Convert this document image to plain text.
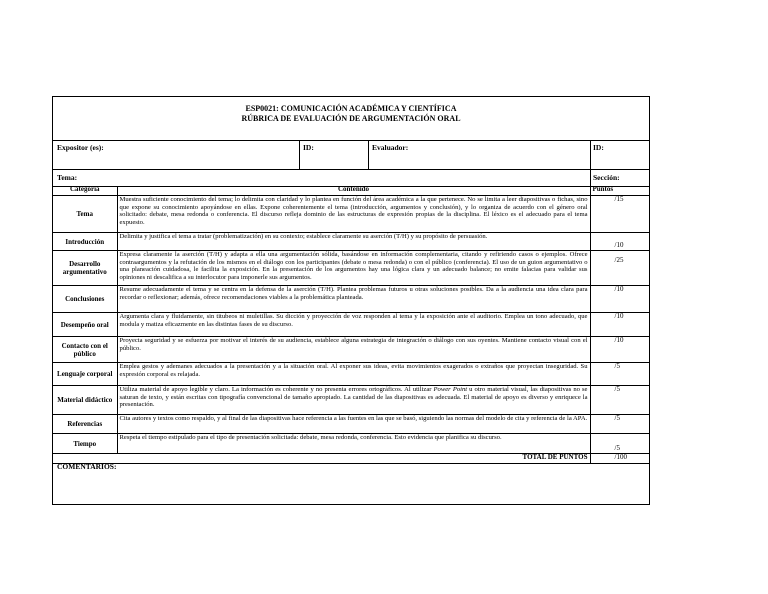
ESP0021: COMUNICACIÓN ACADÉMICA Y CIENTÍFICA
RÚBRICA DE EVALUACIÓN DE ARGUMENTACIÓN ORAL
Expositor (es):	ID:	Evaluador:	ID:
Tema:	Sección:
Categoría	Contenido	Puntos
Tema	Muestra suficiente conocimiento del tema; lo delimita con claridad y lo plantea en función del área académica a la que pertenece. No se limita a leer diapositivas o fichas, sino que expone su conocimiento apoyándose en ellas. Expone coherentemente el tema (introducción, argumentos y conclusión), y lo organiza de acuerdo con el género oral solicitado: debate, mesa redonda o conferencia. El discurso refleja dominio de las estructuras de expresión propias de la disciplina. El léxico es el adecuado para el tema expuesto.	/15
Introducción	Delimita y justifica el tema a tratar (problematización) en su contexto; establece claramente su aserción (T/H) y su propósito de persuasión.	/10
Desarrollo argumentativo	Expresa claramente la aserción (T/H) y adapta a ella una argumentación sólida, basándose en información complementaria, citando y refiriendo casos o ejemplos. Ofrece contraargumentos y la refutación de los mismos en el diálogo con los participantes (debate o mesa redonda) o con el público (conferencia). El uso de un guion argumentativo o una planeación cuidadosa, le facilita la exposición. En la presentación de los argumentos hay una lógica clara y un adecuado balance; no emite falacias para validar sus opiniones ni descalifica a su interlocutor para imponerle sus argumentos.	/25
Conclusiones	Resume adecuadamente el tema y se centra en la defensa de la aserción (T/H). Plantea problemas futuros u otras soluciones posibles. Da a la audiencia una idea clara para recordar o reflexionar; además, ofrece recomendaciones viables a la problemática planteada.	/10
Desempeño oral	Argumenta clara y fluidamente, sin titubeos ni muletillas. Su dicción y proyección de voz responden al tema y la exposición ante el auditorio. Emplea un tono adecuado, que modula y matiza eficazmente en las distintas fases de su discurso.	/10
Contacto con el público	Proyecta seguridad y se esfuerza por motivar el interés de su audiencia, establece alguna estrategia de integración o diálogo con sus oyentes. Mantiene contacto visual con el público.	/10
Lenguaje corporal	Emplea gestos y ademanes adecuados a la presentación y a la situación oral. Al exponer sus ideas, evita movimientos exagerados o extraños que proyectan inseguridad. Su expresión corporal es relajada.	/5
Material didáctico	Utiliza material de apoyo legible y claro. La información es coherente y no presenta errores ortográficos. Al utilizar Power Point u otro material visual, las diapositivas no se saturan de texto, y están escritas con tipografía convencional de tamaño apropiado. La cantidad de las diapositivas es adecuada. El material de apoyo es diverso y enriquece la presentación.	/5
Referencias	Cita autores y textos como respaldo, y al final de las diapositivas hace referencia a las fuentes en las que se basó, siguiendo las normas del modelo de cita y referencia de la APA.	/5
Tiempo	Respeta el tiempo estipulado para el tipo de presentación solicitada: debate, mesa redonda, conferencia. Esto evidencia que planifica su discurso.	/5
	TOTAL DE PUNTOS	/100
COMENTARIOS:
